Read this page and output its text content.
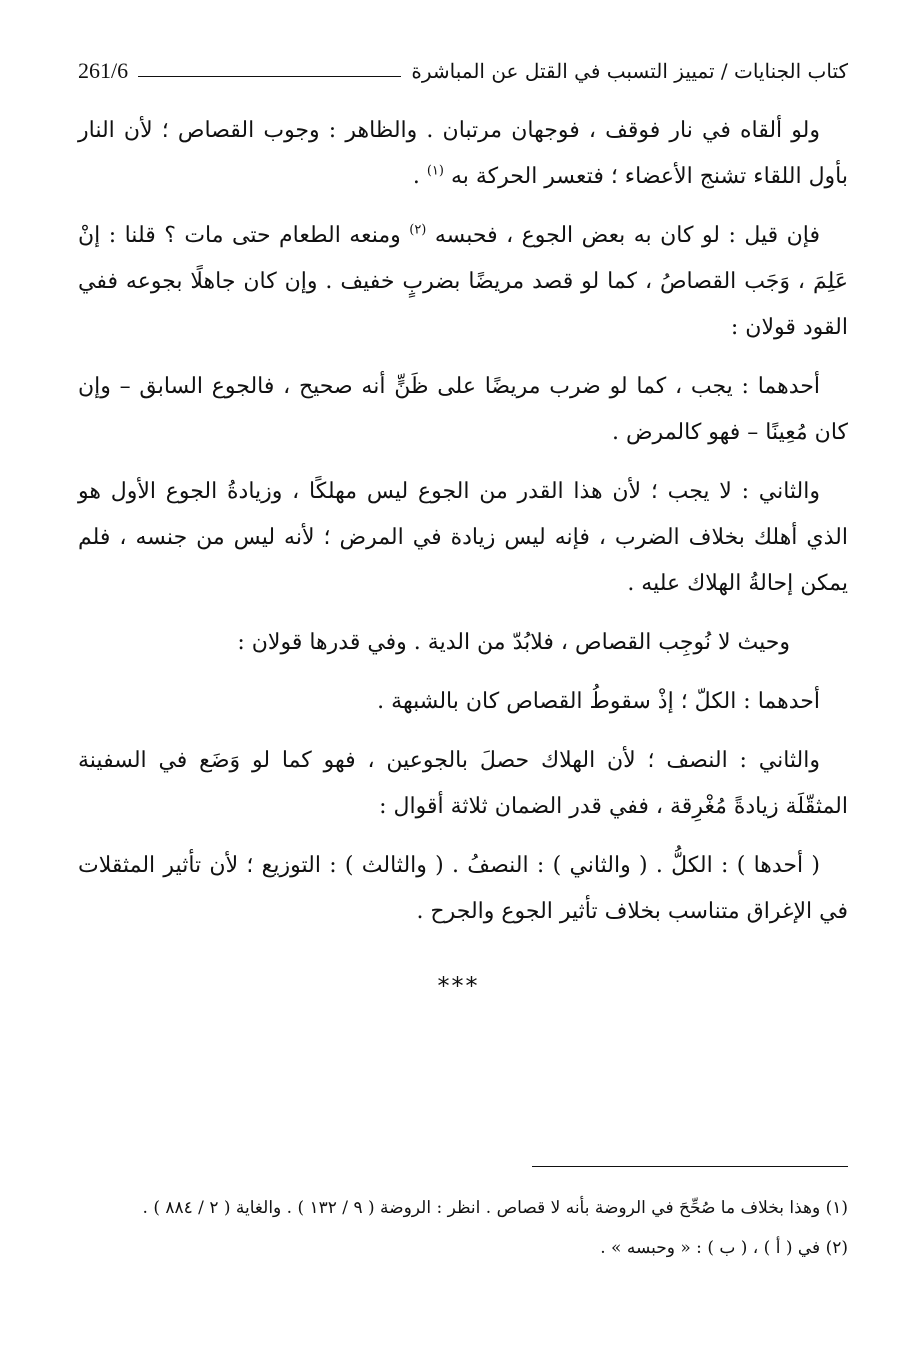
كتاب الجنايات / تمييز التسبب في القتل عن المباشرة
261/6

ولو ألقاه في نار فوقف ، فوجهان مرتبان . والظاهر : وجوب القصاص ؛ لأن النار بأول اللقاء تشنج الأعضاء ؛ فتعسر الحركة به $^{(١)}$ .

فإن قيل : لو كان به بعض الجوع ، فحبسه $^{(٢)}$ ومنعه الطعام حتى مات ؟ قلنا : إنْ عَلِمَ ، وَجَب القصاصُ ، كما لو قصد مريضًا بضربٍ خفيف . وإن كان جاهلًا بجوعه ففي القود قولان :

أحدهما : يجب ، كما لو ضرب مريضًا على ظَنٍّ أنه صحيح ، فالجوع السابق – وإن كان مُعِينًا – فهو كالمرض .

والثاني : لا يجب ؛ لأن هذا القدر من الجوع ليس مهلكًا ، وزيادةُ الجوع الأول هو الذي أهلك بخلاف الضرب ، فإنه ليس زيادة في المرض ؛ لأنه ليس من جنسه ، فلم يمكن إحالةُ الهلاك عليه .

وحيث لا نُوجِب القصاص ، فلابُدّ من الدية . وفي قدرها قولان :

أحدهما : الكلّ ؛ إذْ سقوطُ القصاص كان بالشبهة .

والثاني : النصف ؛ لأن الهلاك حصلَ بالجوعين ، فهو كما لو وَضَع في السفينة المثقّلَة زيادةً مُغْرِقة ، ففي قدر الضمان ثلاثة أقوال :

( أحدها ) : الكلُّ . ( والثاني ) : النصفُ . ( والثالث ) : التوزيع ؛ لأن تأثير المثقلات في الإغراق متناسب بخلاف تأثير الجوع والجرح .

***
(١) وهذا بخلاف ما صُحِّحَ في الروضة بأنه لا قصاص . انظر : الروضة ( ٩ / ١٣٢ ) . والغاية ( ٢ / ٨٨٤ ) .
(٢) في ( أ ) ، ( ب ) : « وحبسه » .
